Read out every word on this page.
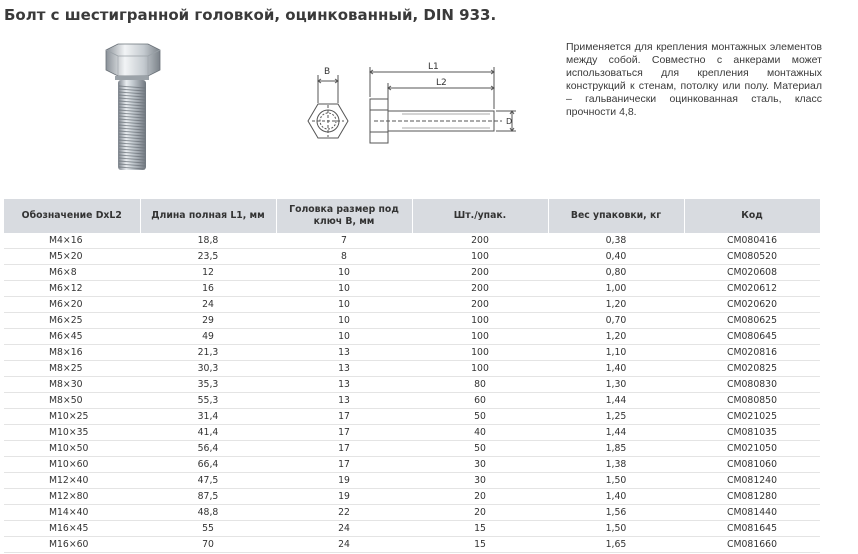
Болт с шестигранной головкой, оцинкованный, DIN 933.
B	L1
L2
D

Применяется для крепления монтажных элементов между собой. Совместно с анкерами может использоваться для крепления монтажных конструкций к стенам, потолку или полу. Материал – гальванически оцинкованная сталь, класс прочности 4,8.

Обозначение DxL2	Длина полная L1, мм	Головка размер под ключ В, мм	Шт./упак.	Вес упаковки, кг	Код
М4×16	18,8	7	200	0,38	CM080416
М5×20	23,5	8	100	0,40	CM080520
М6×8	12	10	200	0,80	CM020608
М6×12	16	10	200	1,00	CM020612
М6×20	24	10	200	1,20	CM020620
М6×25	29	10	100	0,70	CM080625
М6×45	49	10	100	1,20	CM080645
М8×16	21,3	13	100	1,10	CM020816
М8×25	30,3	13	100	1,40	CM020825
М8×30	35,3	13	80	1,30	CM080830
М8×50	55,3	13	60	1,44	CM080850
М10×25	31,4	17	50	1,25	CM021025
М10×35	41,4	17	40	1,44	CM081035
М10×50	56,4	17	50	1,85	CM021050
М10×60	66,4	17	30	1,38	CM081060
М12×40	47,5	19	30	1,50	CM081240
М12×80	87,5	19	20	1,40	CM081280
М14×40	48,8	22	20	1,56	CM081440
М16×45	55	24	15	1,50	CM081645
М16×60	70	24	15	1,65	CM081660
